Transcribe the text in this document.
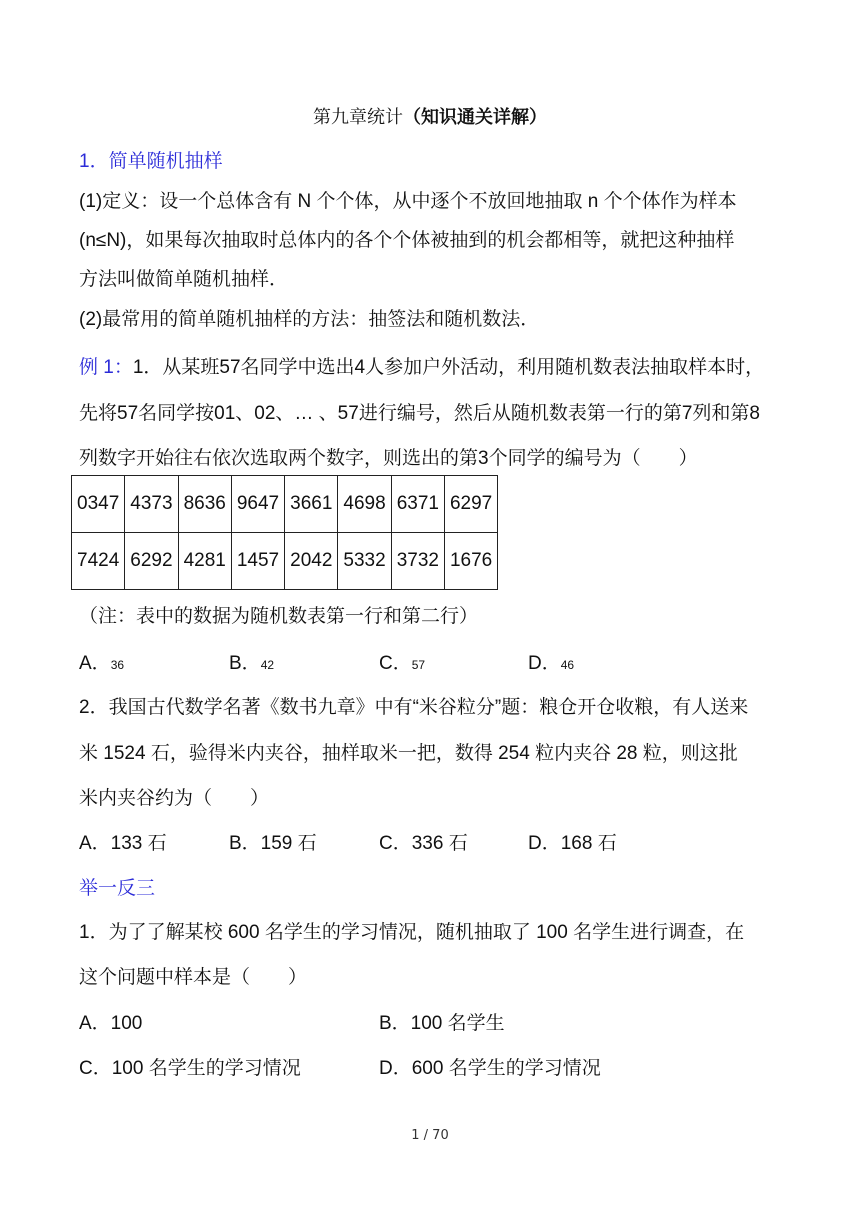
第九章统计（知识通关详解）
1．简单随机抽样
(1)定义：设一个总体含有 N 个个体，从中逐个不放回地抽取 n 个个体作为样本
(n≤N)，如果每次抽取时总体内的各个个体被抽到的机会都相等，就把这种抽样
方法叫做简单随机抽样．
(2)最常用的简单随机抽样的方法：抽签法和随机数法．
例 1：1．从某班57名同学中选出4人参加户外活动，利用随机数表法抽取样本时，
先将57名同学按01、02、… 、57进行编号，然后从随机数表第一行的第7列和第8
列数字开始往右依次选取两个数字，则选出的第3个同学的编号为（　　）
0347	4373	8636	9647	3661	4698	6371	6297
7424	6292	4281	1457	2042	5332	3732	1676
（注：表中的数据为随机数表第一行和第二行）
A．36	B．42	C．57	D．46
2．我国古代数学名著《数书九章》中有“米谷粒分”题：粮仓开仓收粮，有人送来
米 1524 石，验得米内夹谷，抽样取米一把，数得 254 粒内夹谷 28 粒，则这批
米内夹谷约为（　　）
A．133 石	B．159 石	C．336 石	D．168 石
举一反三
1．为了了解某校 600 名学生的学习情况，随机抽取了 100 名学生进行调查，在
这个问题中样本是（　　）
A．100	B．100 名学生
C．100 名学生的学习情况	D．600 名学生的学习情况
1 / 70
